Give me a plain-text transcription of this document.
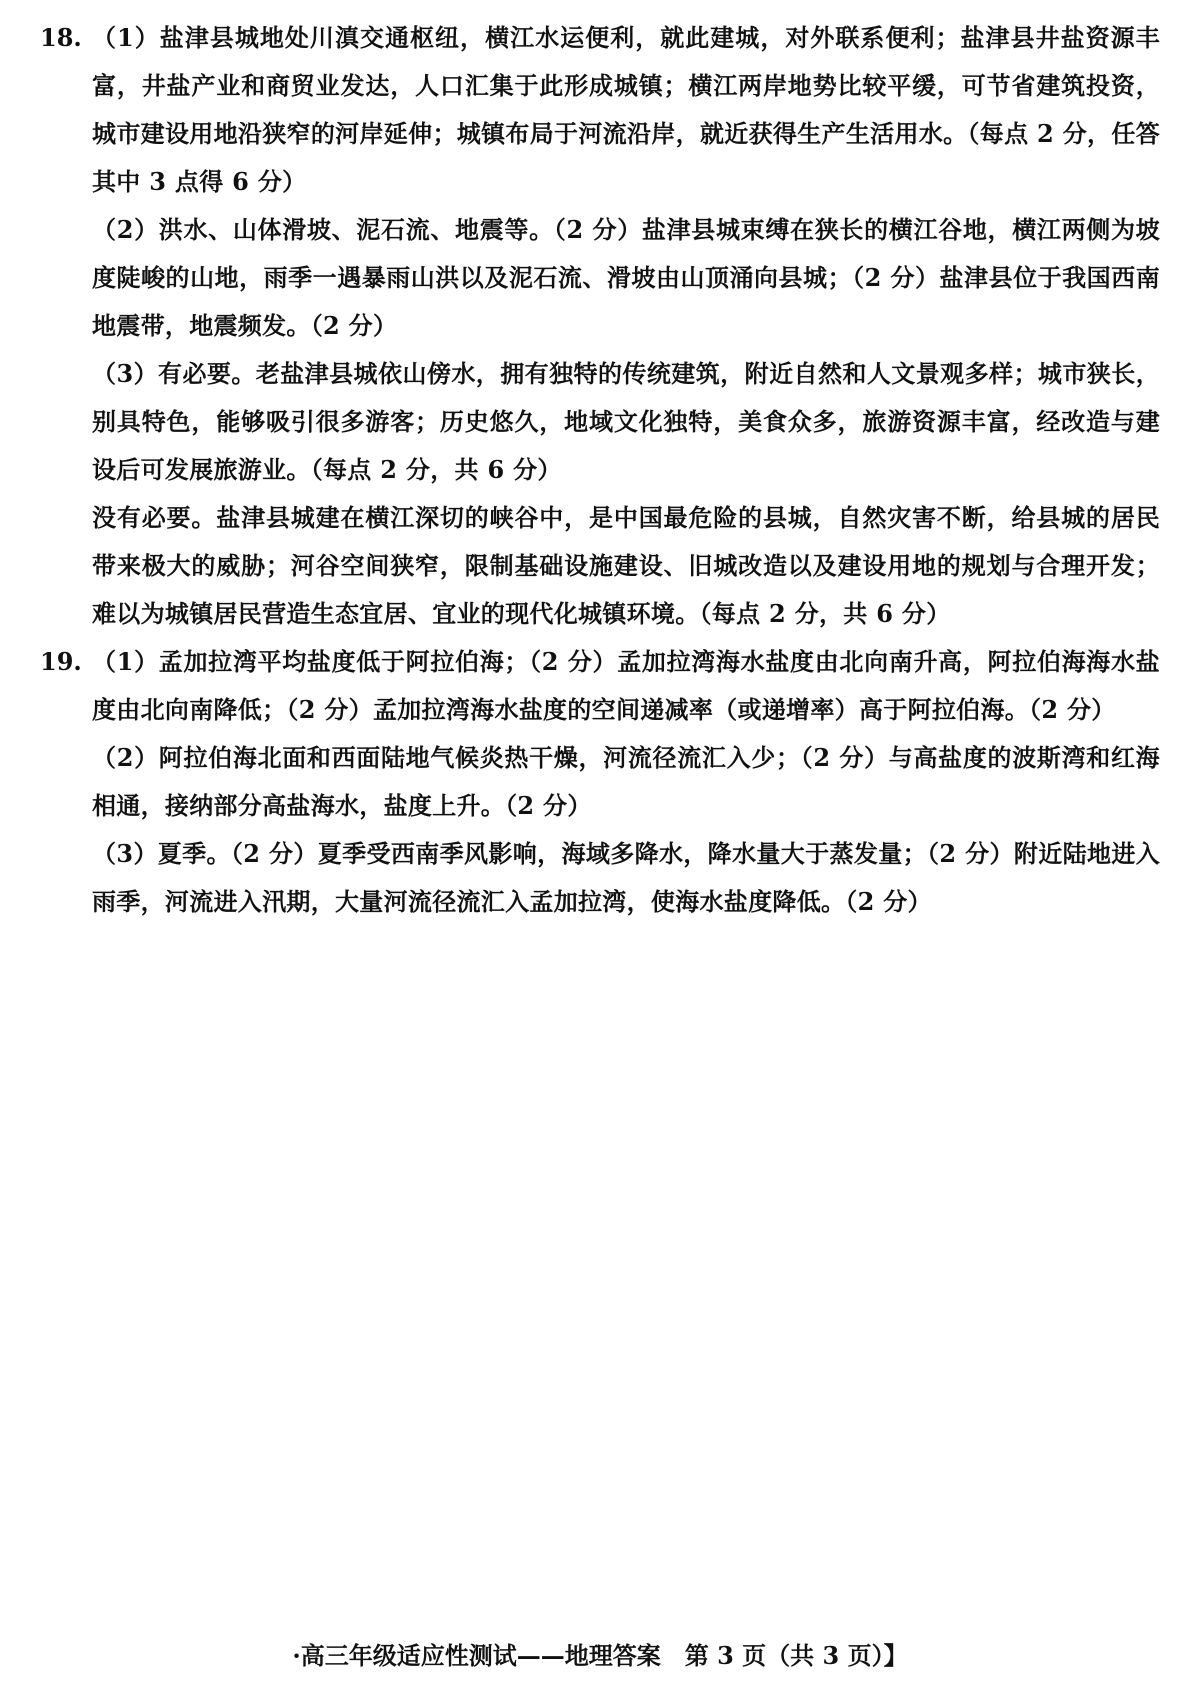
18. （1）盐津县城地处川滇交通枢纽，横江水运便利，就此建城，对外联系便利；盐津县井盐资源丰富，井盐产业和商贸业发达，人口汇集于此形成城镇；横江两岸地势比较平缓，可节省建筑投资，城市建设用地沿狭窄的河岸延伸；城镇布局于河流沿岸，就近获得生产生活用水。（每点 2 分，任答其中 3 点得 6 分）

（2）洪水、山体滑坡、泥石流、地震等。（2 分）盐津县城束缚在狭长的横江谷地，横江两侧为坡度陡峻的山地，雨季一遇暴雨山洪以及泥石流、滑坡由山顶涌向县城；（2 分）盐津县位于我国西南地震带，地震频发。（2 分）

（3）有必要。老盐津县城依山傍水，拥有独特的传统建筑，附近自然和人文景观多样；城市狭长，别具特色，能够吸引很多游客；历史悠久，地域文化独特，美食众多，旅游资源丰富，经改造与建设后可发展旅游业。（每点 2 分，共 6 分）

没有必要。盐津县城建在横江深切的峡谷中，是中国最危险的县城，自然灾害不断，给县城的居民带来极大的威胁；河谷空间狭窄，限制基础设施建设、旧城改造以及建设用地的规划与合理开发；难以为城镇居民营造生态宜居、宜业的现代化城镇环境。（每点 2 分，共 6 分）

19. （1）孟加拉湾平均盐度低于阿拉伯海；（2 分）孟加拉湾海水盐度由北向南升高，阿拉伯海海水盐度由北向南降低；（2 分）孟加拉湾海水盐度的空间递减率（或递增率）高于阿拉伯海。（2 分）

（2）阿拉伯海北面和西面陆地气候炎热干燥，河流径流汇入少；（2 分）与高盐度的波斯湾和红海相通，接纳部分高盐海水，盐度上升。（2 分）

（3）夏季。（2 分）夏季受西南季风影响，海域多降水，降水量大于蒸发量；（2 分）附近陆地进入雨季，河流进入汛期，大量河流径流汇入孟加拉湾，使海水盐度降低。（2 分）

·高三年级适应性测试——地理答案　第 3 页（共 3 页）】
